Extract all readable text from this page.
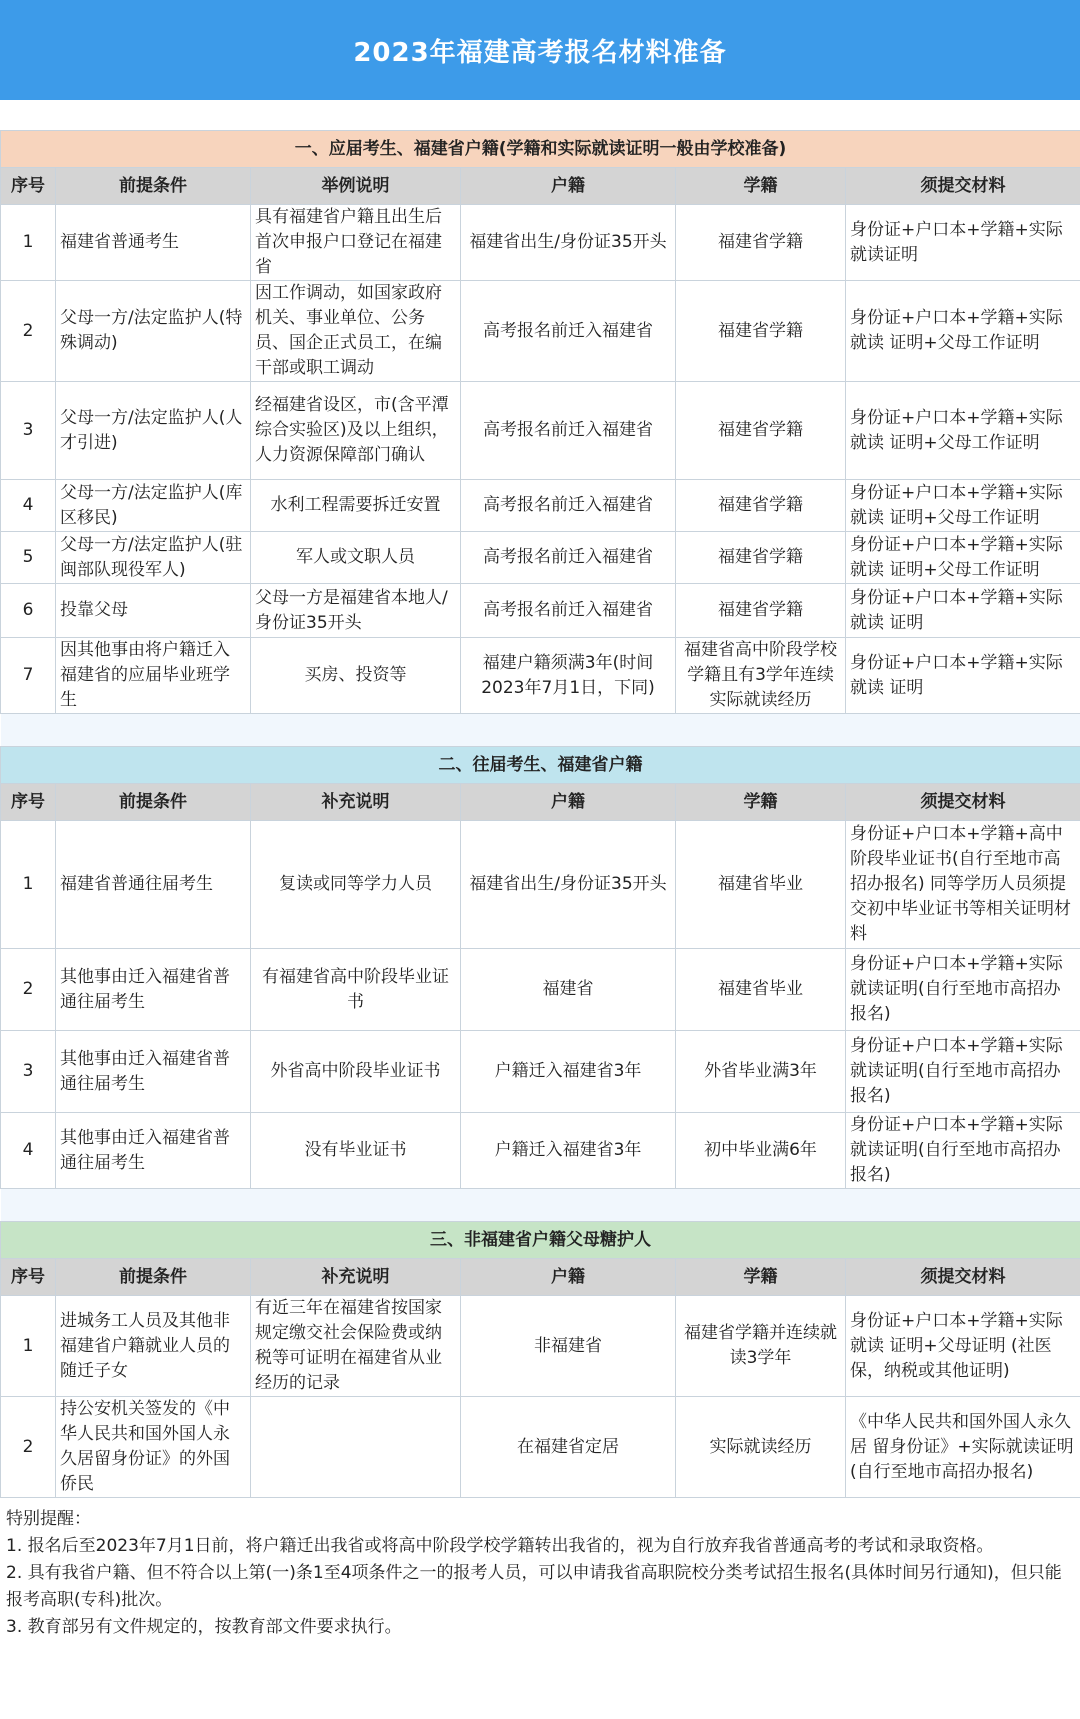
2023年福建高考报名材料准备
一、应届考生、福建省户籍(学籍和实际就读证明一般由学校准备)					
序号	前提条件	举例说明	户籍	学籍	须提交材料
1	福建省普通考生	具有福建省户籍且出生后首次申报户口登记在福建省	福建省出生/身份证35开头	福建省学籍	身份证+户口本+学籍+实际就读证明
2	父母一方/法定监护人(特殊调动)	因工作调动，如国家政府机关、事业单位、公务员、国企正式员工，在编干部或职工调动	高考报名前迁入福建省	福建省学籍	身份证+户口本+学籍+实际就读 证明+父母工作证明
3	父母一方/法定监护人(人才引进)	经福建省设区，市(含平潭综合实验区)及以上组织，人力资源保障部门确认	高考报名前迁入福建省	福建省学籍	身份证+户口本+学籍+实际就读 证明+父母工作证明
4	父母一方/法定监护人(库区移民)	水利工程需要拆迁安置	高考报名前迁入福建省	福建省学籍	身份证+户口本+学籍+实际就读 证明+父母工作证明
5	父母一方/法定监护人(驻闽部队现役军人)	军人或文职人员	高考报名前迁入福建省	福建省学籍	身份证+户口本+学籍+实际就读 证明+父母工作证明
6	投靠父母	父母一方是福建省本地人/身份证35开头	高考报名前迁入福建省	福建省学籍	身份证+户口本+学籍+实际就读 证明
7	因其他事由将户籍迁入福建省的应届毕业班学生	买房、投资等	福建户籍须满3年(时间2023年7月1日，下同)	福建省高中阶段学校学籍且有3学年连续实际就读经历	身份证+户口本+学籍+实际就读 证明

二、往届考生、福建省户籍					
序号	前提条件	补充说明	户籍	学籍	须提交材料
1	福建省普通往届考生	复读或同等学力人员	福建省出生/身份证35开头	福建省毕业	身份证+户口本+学籍+高中阶段毕业证书(自行至地市高招办报名) 同等学历人员须提交初中毕业证书等相关证明材料
2	其他事由迁入福建省普通往届考生	有福建省高中阶段毕业证书	福建省	福建省毕业	身份证+户口本+学籍+实际就读证明(自行至地市高招办报名)
3	其他事由迁入福建省普通往届考生	外省高中阶段毕业证书	户籍迁入福建省3年	外省毕业满3年	身份证+户口本+学籍+实际就读证明(自行至地市高招办报名)
4	其他事由迁入福建省普通往届考生	没有毕业证书	户籍迁入福建省3年	初中毕业满6年	身份证+户口本+学籍+实际就读证明(自行至地市高招办报名)

三、非福建省户籍父母糖护人					
序号	前提条件	补充说明	户籍	学籍	须提交材料
1	进城务工人员及其他非福建省户籍就业人员的随迁子女	有近三年在福建省按国家规定缴交社会保险费或纳税等可证明在福建省从业经历的记录	非福建省	福建省学籍并连续就读3学年	身份证+户口本+学籍+实际就读 证明+父母证明 (社医保，纳税或其他证明)
2	持公安机关签发的《中华人民共和国外国人永久居留身份证》的外国侨民		在福建省定居	实际就读经历	《中华人民共和国外国人永久居 留身份证》+实际就读证明(自行至地市高招办报名)

特别提醒：

1. 报名后至2023年7月1日前，将户籍迁出我省或将高中阶段学校学籍转出我省的，视为自行放弃我省普通高考的考试和录取资格。

2. 具有我省户籍、但不符合以上第(一)条1至4项条件之一的报考人员，可以申请我省高职院校分类考试招生报名(具体时间另行通知)，但只能报考高职(专科)批次。

3. 教育部另有文件规定的，按教育部文件要求执行。
